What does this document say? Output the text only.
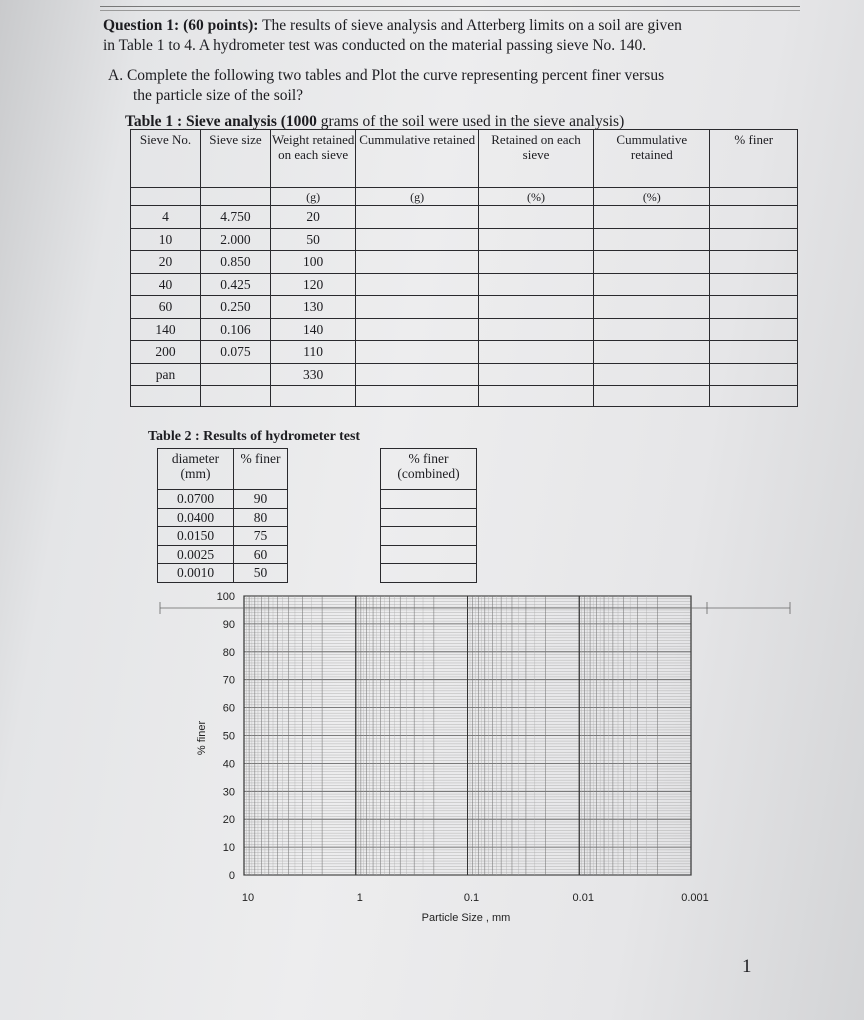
Question 1: (60 points): The results of sieve analysis and Atterberg limits on a soil are given
in Table 1 to 4. A hydrometer test was conducted on the material passing sieve No. 140.
A. Complete the following two tables and Plot the curve representing percent finer versus
the particle size of the soil?
Table 1 : Sieve analysis (1000 grams of the soil were used in the sieve analysis)
Sieve No.	Sieve size	Weight retained on each sieve	Cummulative retained	Retained on each sieve	Cummulative retained	% finer
		(g)	(g)	(%)	(%)	
4	4.750	20				
10	2.000	50				
20	0.850	100				
40	0.425	120				
60	0.250	130				
140	0.106	140				
200	0.075	110				
pan		330				

Table 2 : Results of hydrometer test
diameter (mm)	% finer		% finer (combined)
0.0700	90		
0.0400	80		
0.0150	75		
0.0025	60		
0.0010	50		
100
90
80
70
60
50
40
30
20
10
0
10	1	0.1	0.01	0.001
% finer
Particle Size , mm
1
